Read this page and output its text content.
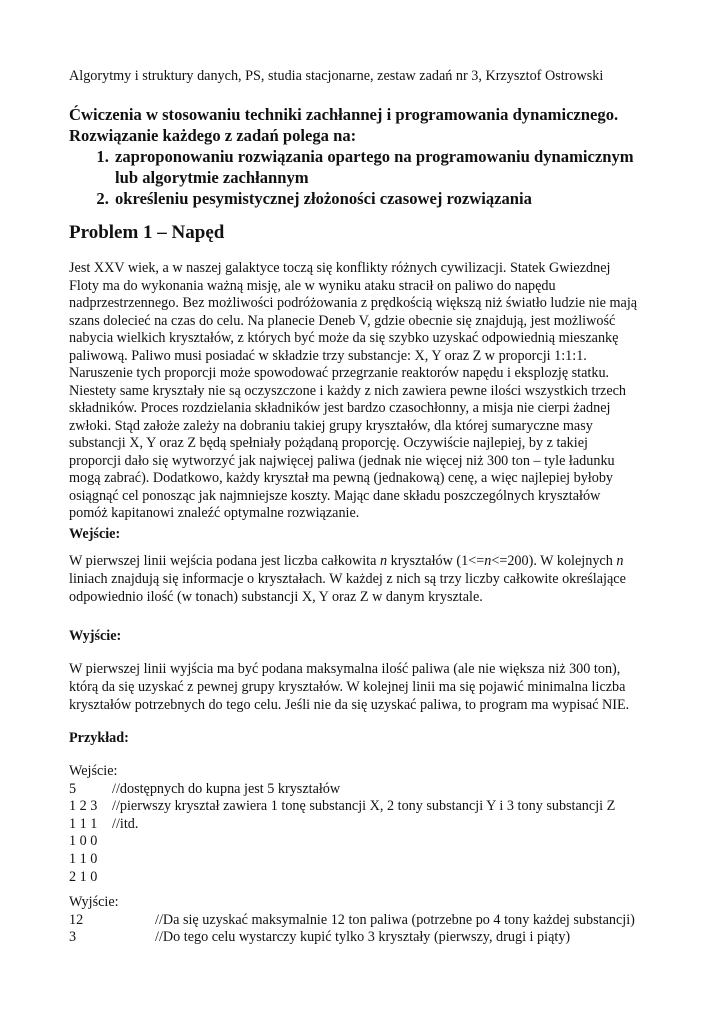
Algorytmy i struktury danych, PS, studia stacjonarne, zestaw zadań nr 3, Krzysztof Ostrowski
Ćwiczenia w stosowaniu techniki zachłannej i programowania dynamicznego.
Rozwiązanie każdego z zadań polega na:
1. zaproponowaniu rozwiązania opartego na programowaniu dynamicznym
lub algorytmie zachłannym
2. określeniu pesymistycznej złożoności czasowej rozwiązania
Problem 1 – Napęd
Jest XXV wiek, a w naszej galaktyce toczą się konflikty różnych cywilizacji. Statek Gwiezdnej
Floty ma do wykonania ważną misję, ale w wyniku ataku stracił on paliwo do napędu
nadprzestrzennego. Bez możliwości podróżowania z prędkością większą niż światło ludzie nie mają
szans dolecieć na czas do celu. Na planecie Deneb V, gdzie obecnie się znajdują, jest możliwość
nabycia wielkich kryształów, z których być może da się szybko uzyskać odpowiednią mieszankę
paliwową. Paliwo musi posiadać w składzie trzy substancje: X, Y oraz Z w proporcji 1:1:1.
Naruszenie tych proporcji może spowodować przegrzanie reaktorów napędu i eksplozję statku.
Niestety same kryształy nie są oczyszczone i każdy z nich zawiera pewne ilości wszystkich trzech
składników. Proces rozdzielania składników jest bardzo czasochłonny, a misja nie cierpi żadnej
zwłoki. Stąd założe zależy na dobraniu takiej grupy kryształów, dla której sumaryczne masy
substancji X, Y oraz Z będą spełniały pożądaną proporcję. Oczywiście najlepiej, by z takiej
proporcji dało się wytworzyć jak najwięcej paliwa (jednak nie więcej niż 300 ton – tyle ładunku
mogą zabrać). Dodatkowo, każdy kryształ ma pewną (jednakową) cenę, a więc najlepiej byłoby
osiągnąć cel ponosząc jak najmniejsze koszty. Mając dane składu poszczególnych kryształów
pomóż kapitanowi znaleźć optymalne rozwiązanie.
Wejście:
W pierwszej linii wejścia podana jest liczba całkowita n kryształów (1<=n<=200). W kolejnych n
liniach znajdują się informacje o kryształach. W każdej z nich są trzy liczby całkowite określające
odpowiednio ilość (w tonach) substancji X, Y oraz Z w danym krysztale.
Wyjście:
W pierwszej linii wyjścia ma być podana maksymalna ilość paliwa (ale nie większa niż 300 ton),
którą da się uzyskać z pewnej grupy kryształów. W kolejnej linii ma się pojawić minimalna liczba
kryształów potrzebnych do tego celu. Jeśli nie da się uzyskać paliwa, to program ma wypisać NIE.
Przykład:
Wejście:
5	//dostępnych do kupna jest 5 kryształów
1 2 3	//pierwszy kryształ zawiera 1 tonę substancji X, 2 tony substancji Y i 3 tony substancji Z
1 1 1	//itd.
1 0 0
1 1 0
2 1 0
Wyjście:
12	//Da się uzyskać maksymalnie 12 ton paliwa (potrzebne po 4 tony każdej substancji)
3	//Do tego celu wystarczy kupić tylko 3 kryształy (pierwszy, drugi i piąty)
